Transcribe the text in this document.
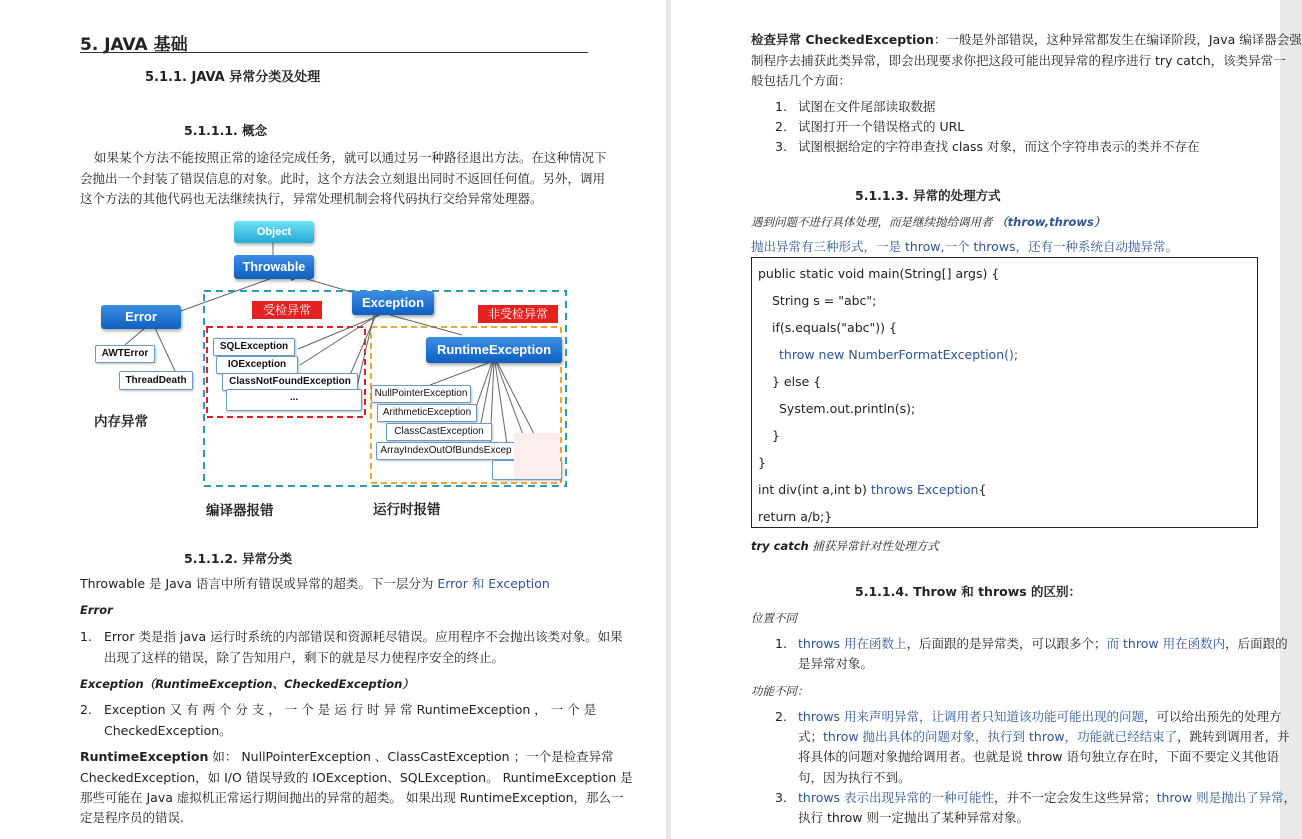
5. JAVA 基础
5.1.1. JAVA 异常分类及处理
5.1.1.1. 概念
如果某个方法不能按照正常的途径完成任务，就可以通过另一种路径退出方法。在这种情况下
会抛出一个封装了错误信息的对象。此时，这个方法会立刻退出同时不返回任何值。另外，调用
这个方法的其他代码也无法继续执行，异常处理机制会将代码执行交给异常处理器。
Object
Throwable
Error
Exception
RuntimeException
AWTError
ThreadDeath
受检异常	非受检异常
SQLException
IOException
ClassNotFoundException
...	NullPointerException
ArithmeticException
ClassCastException
ArrayIndexOutOfBundsExcep
内存异常
编译器报错	运行时报错
5.1.1.2. 异常分类
Throwable 是 Java 语言中所有错误或异常的超类。下一层分为 Error 和 Exception
Error
1. Error 类是指 java 运行时系统的内部错误和资源耗尽错误。应用程序不会抛出该类对象。如果
出现了这样的错误，除了告知用户，剩下的就是尽力使程序安全的终止。
Exception（RuntimeException、CheckedException）
2. Exception 又 有 两 个 分 支 ， 一 个 是 运 行 时 异 常 RuntimeException ， 一 个 是
CheckedException。
RuntimeException 如： NullPointerException 、ClassCastException ；一个是检查异常
CheckedException，如 I/O 错误导致的 IOException、SQLException。 RuntimeException 是
那些可能在 Java 虚拟机正常运行期间抛出的异常的超类。 如果出现 RuntimeException，那么一
定是程序员的错误.
检查异常 CheckedException：一般是外部错误，这种异常都发生在编译阶段，Java 编译器会强
制程序去捕获此类异常，即会出现要求你把这段可能出现异常的程序进行 try catch，该类异常一
般包括几个方面：
1. 试图在文件尾部读取数据
2. 试图打开一个错误格式的 URL
3. 试图根据给定的字符串查找 class 对象，而这个字符串表示的类并不存在
5.1.1.3. 异常的处理方式
遇到问题不进行具体处理，而是继续抛给调用者 （throw,throws）
抛出异常有三种形式，一是 throw,一个 throws，还有一种系统自动抛异常。
public static void main(String[] args) {
String s = "abc";
if(s.equals("abc")) {
throw new NumberFormatException();
} else {
System.out.println(s);
}
}
int div(int a,int b) throws Exception{
return a/b;}
try catch 捕获异常针对性处理方式
5.1.1.4. Throw 和 throws 的区别：
位置不同
1. throws 用在函数上，后面跟的是异常类，可以跟多个；而 throw 用在函数内，后面跟的
是异常对象。
功能不同：
2. throws 用来声明异常，让调用者只知道该功能可能出现的问题，可以给出预先的处理方
式；throw 抛出具体的问题对象，执行到 throw，功能就已经结束了，跳转到调用者，并
将具体的问题对象抛给调用者。也就是说 throw 语句独立存在时，下面不要定义其他语
句，因为执行不到。
3. throws 表示出现异常的一种可能性，并不一定会发生这些异常；throw 则是抛出了异常，
执行 throw 则一定抛出了某种异常对象。
